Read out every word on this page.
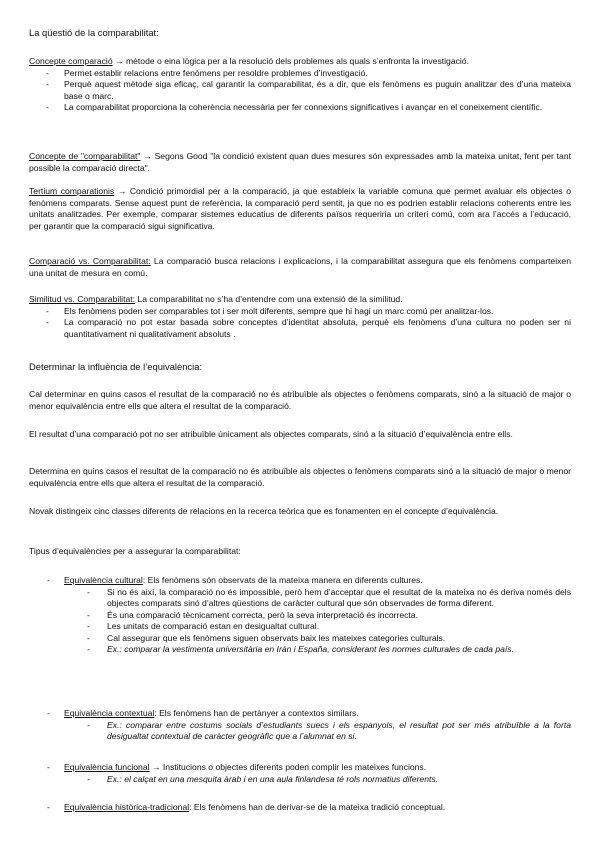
La qüestió de la comparabilitat:
Concepte comparació → mètode o eina lògica per a la resolució dels problemes als quals s’enfronta la investigació.
- Permet establir relacions entre fenòmens per resoldre problemes d’investigació.
- Perquè aquest mètode siga eficaç, cal garantir la comparabilitat, és a dir, que els fenòmens es puguin analitzar des d’una mateixa base o marc.
- La comparabilitat proporciona la coherència necessària per fer connexions significatives i avançar en el coneixement científic.
Concepte de "comparabilitat" → Segons Good "la condició existent quan dues mesures són expressades amb la mateixa unitat, fent per tant possible la comparació directa".
Tertium comparationis → Condició primordial per a la comparació, ja que estableix la variable comuna que permet avaluar els objectes o fenòmens comparats. Sense aquest punt de referència, la comparació perd sentit, ja que no es podrien establir relacions coherents entre les unitats analitzades. Per exemple, comparar sistemes educatius de diferents països requeriria un criteri comú, com ara l’accés a l’educació, per garantir que la comparació sigui significativa.
Comparació vs. Comparabilitat: La comparació busca relacions i explicacions, i la comparabilitat assegura que els fenòmens comparteixen una unitat de mesura en comú.
Similitud vs. Comparabilitat: La comparabilitat no s’ha d’entendre com una extensió de la similitud.
- Els fenòmens poden ser comparables tot i ser molt diferents, sempre que hi hagi un marc comú per analitzar-los.
- La comparació no pot estar basada sobre conceptes d’identitat absoluta, perquè els fenòmens d’una cultura no poden ser ni quantitativament ni qualitativament absoluts .
Determinar la influència de l’equivalència:
Cal determinar en quins casos el resultat de la comparació no és atribuïble als objectes o fenòmens comparats, sinó a la situació de major o menor equivalència entre ells que altera el resultat de la comparació.
El resultat d’una comparació pot no ser atribuïble únicament als objectes comparats, sinó a la situació d’equivalència entre ells.
Determina en quins casos el resultat de la comparació no és atribuïble als objectes o fenòmens comparats sinó a la situació de major o menor equivalència entre ells que altera el resultat de la comparació.
Novak distingeix cinc classes diferents de relacions en la recerca teòrica que es fonamenten en el concepte d’equivalència.
Tipus d’equivalències per a assegurar la comparabilitat:
- Equivalència cultural: Els fenòmens són observats de la mateixa manera en diferents cultures.
- Si no és així, la comparació no és impossible, però hem d’acceptar que el resultat de la mateixa no és deriva només dels objectes comparats sinó d’altres qüestions de caràcter cultural que són observades de forma diferent.
- És una comparació tècnicament correcta, però la seva interpretació és incorrecta.
- Les unitats de comparació estan en desigualtat cultural.
- Cal assegurar que els fenòmens siguen observats baix les mateixes categories culturals.
- Ex.: comparar la vestimenta universitària en Irán i España, considerant les normes culturales de cada país.
- Equivalència contextual: Els fenòmens han de pertànyer a contextos similars.
- Ex.: comparar entre costums socials d’estudiants suecs i els espanyols, el resultat pot ser més atribuïble a la forta desigualtat contextual de caràcter geogràfic que a l’alumnat en si.
- Equivalència funcional → Institucions o objectes diferents poden complir les mateixes funcions.
- Ex.: el calçat en una mesquita àrab i en una aula finlandesa té rols normatius diferents.
- Equivalència històrica-tradicional: Els fenòmens han de derivar-se de la mateixa tradició conceptual.
